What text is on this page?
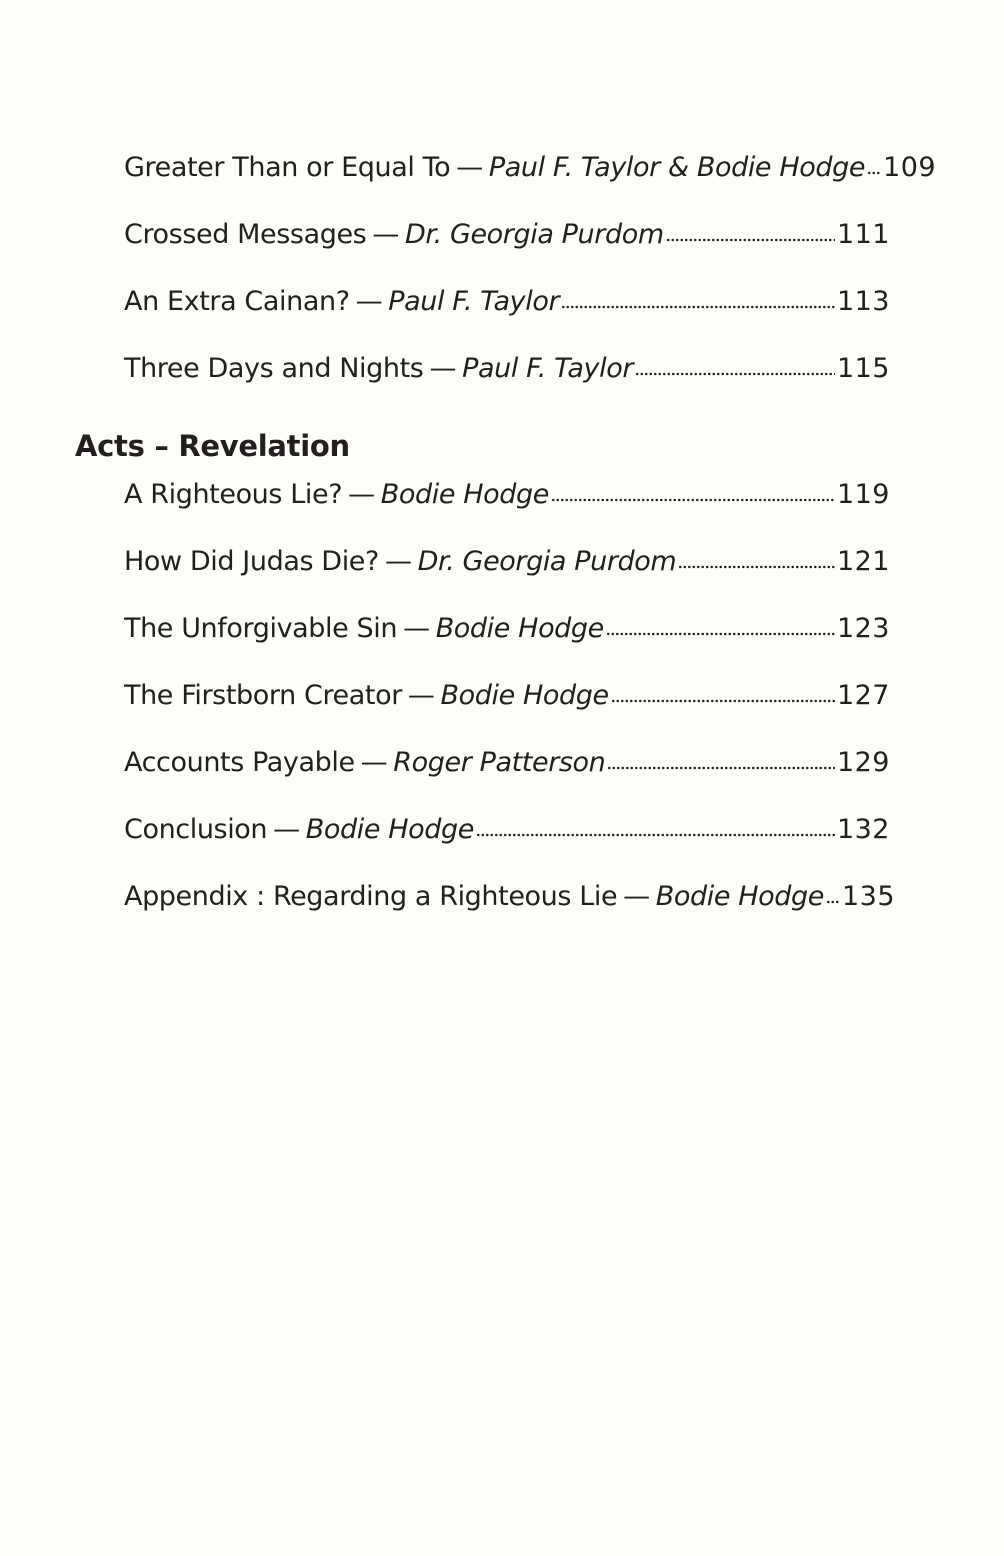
Greater Than or Equal To — Paul F. Taylor & Bodie Hodge 109
Crossed Messages — Dr. Georgia Purdom	111
An Extra Cainan? — Paul F. Taylor	113
Three Days and Nights — Paul F. Taylor	115
Acts – Revelation
A Righteous Lie? — Bodie Hodge	119
How Did Judas Die? — Dr. Georgia Purdom	121
The Unforgivable Sin — Bodie Hodge	123
The Firstborn Creator — Bodie Hodge	127
Accounts Payable — Roger Patterson	129
Conclusion — Bodie Hodge	132
Appendix : Regarding a Righteous Lie — Bodie Hodge 135
